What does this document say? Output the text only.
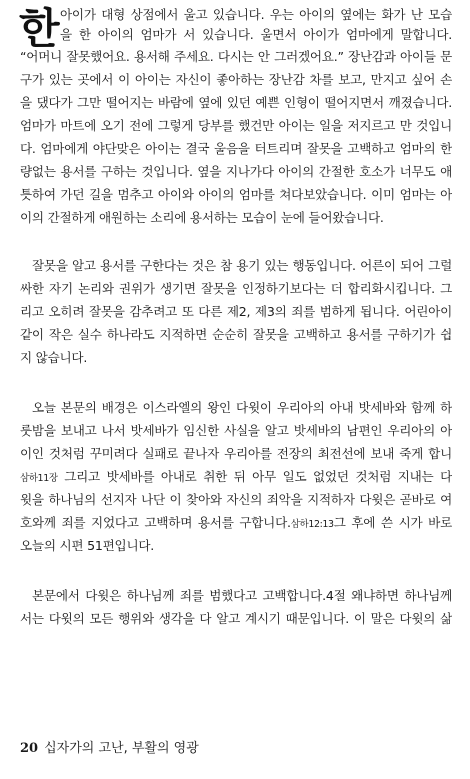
한 아이가 대형 상점에서 울고 있습니다. 우는 아이의 옆에는 화가 난 모습
을 한 아이의 엄마가 서 있습니다. 울면서 아이가 엄마에게 말합니다.
“어머니 잘못했어요. 용서해 주세요. 다시는 안 그러겠어요.” 장난감과 아이들 문
구가 있는 곳에서 이 아이는 자신이 좋아하는 장난감 차를 보고, 만지고 싶어 손
을 댔다가 그만 떨어지는 바람에 옆에 있던 예쁜 인형이 떨어지면서 깨졌습니다.
엄마가 마트에 오기 전에 그렇게 당부를 했건만 아이는 일을 저지르고 만 것입니
다. 엄마에게 야단맞은 아이는 결국 울음을 터트리며 잘못을 고백하고 엄마의 한
량없는 용서를 구하는 것입니다. 옆을 지나가다 아이의 간절한 호소가 너무도 애
틋하여 가던 길을 멈추고 아이와 아이의 엄마를 쳐다보았습니다. 이미 엄마는 아
이의 간절하게 애원하는 소리에 용서하는 모습이 눈에 들어왔습니다.
잘못을 알고 용서를 구한다는 것은 참 용기 있는 행동입니다. 어른이 되어 그럴
싸한 자기 논리와 권위가 생기면 잘못을 인정하기보다는 더 합리화시킵니다. 그
리고 오히려 잘못을 감추려고 또 다른 제2, 제3의 죄를 범하게 됩니다. 어린아이
같이 작은 실수 하나라도 지적하면 순순히 잘못을 고백하고 용서를 구하기가 쉽
지 않습니다.
오늘 본문의 배경은 이스라엘의 왕인 다윗이 우리아의 아내 밧세바와 함께 하
룻밤을 보내고 나서 밧세바가 임신한 사실을 알고 밧세바의 남편인 우리아의 아
이인 것처럼 꾸미려다 실패로 끝나자 우리아를 전장의 최전선에 보내 죽게 합니
삼하11장 그리고 밧세바를 아내로 취한 뒤 아무 일도 없었던 것처럼 지내는 다
윗을 하나님의 선지자 나단 이 찾아와 자신의 죄악을 지적하자 다윗은 곧바로 여
호와께 죄를 지었다고 고백하며 용서를 구합니다.삼하12:13그 후에 쓴 시가 바로
오늘의 시편 51편입니다.
본문에서 다윗은 하나님께 죄를 범했다고 고백합니다.4절 왜냐하면 하나님께
서는 다윗의 모든 행위와 생각을 다 알고 계시기 때문입니다. 이 말은 다윗의 삶
20 십자가의 고난, 부활의 영광
